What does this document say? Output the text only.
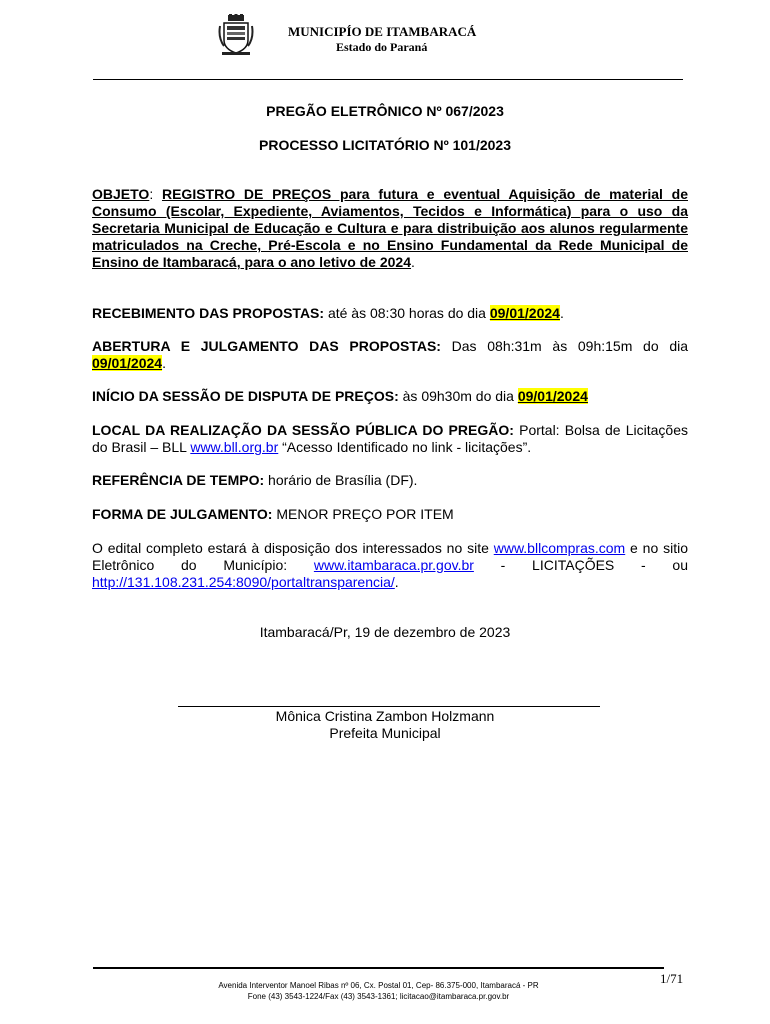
MUNICIPÍO DE ITAMBARACÁ
Estado do Paraná
PREGÃO ELETRÔNICO Nº 067/2023
PROCESSO LICITATÓRIO Nº 101/2023
OBJETO: REGISTRO DE PREÇOS para futura e eventual Aquisição de material de Consumo (Escolar, Expediente, Aviamentos, Tecidos e Informática) para o uso da Secretaria Municipal de Educação e Cultura e para distribuição aos alunos regularmente matriculados na Creche, Pré-Escola e no Ensino Fundamental da Rede Municipal de Ensino de Itambaracá, para o ano letivo de 2024.
RECEBIMENTO DAS PROPOSTAS: até às 08:30 horas do dia 09/01/2024.
ABERTURA E JULGAMENTO DAS PROPOSTAS: Das 08h:31m às 09h:15m do dia 09/01/2024.
INÍCIO DA SESSÃO DE DISPUTA DE PREÇOS: às 09h30m do dia 09/01/2024
LOCAL DA REALIZAÇÃO DA SESSÃO PÚBLICA DO PREGÃO: Portal: Bolsa de Licitações do Brasil – BLL www.bll.org.br “Acesso Identificado no link - licitações”.
REFERÊNCIA DE TEMPO: horário de Brasília (DF).
FORMA DE JULGAMENTO: MENOR PREÇO POR ITEM
O edital completo estará à disposição dos interessados no site www.bllcompras.com e no sitio Eletrônico do Município: www.itambaraca.pr.gov.br - LICITAÇÕES - ou http://131.108.231.254:8090/portaltransparencia/.
Itambaracá/Pr, 19 de dezembro de 2023
Mônica Cristina Zambon Holzmann
Prefeita Municipal
1/71
Avenida Interventor Manoel Ribas nº 06, Cx. Postal 01, Cep- 86.375-000, Itambaracá - PR
Fone (43) 3543-1224/Fax (43) 3543-1361; licitacao@itambaraca.pr.gov.br
